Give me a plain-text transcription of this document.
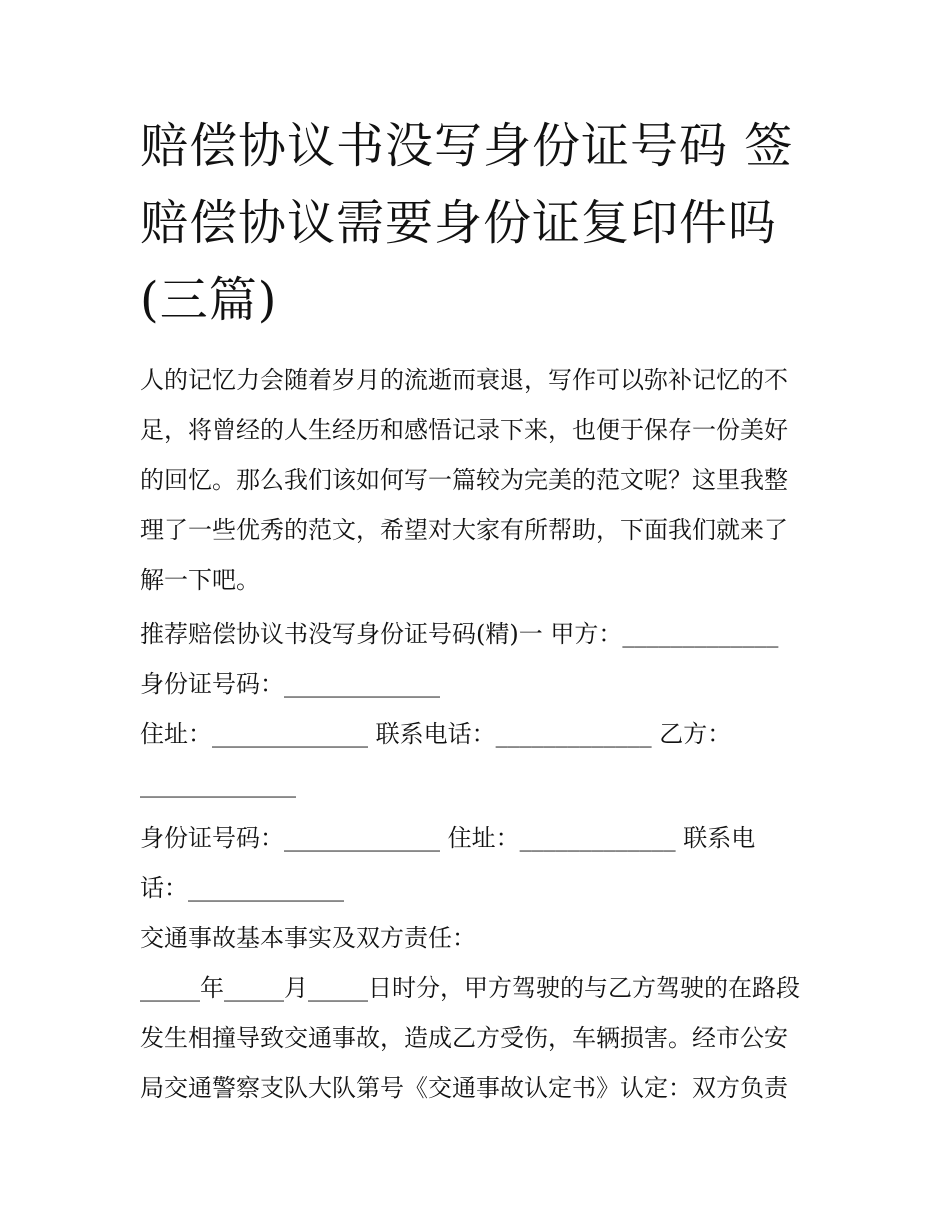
赔偿协议书没写身份证号码 签
赔偿协议需要身份证复印件吗
(三篇)
人的记忆力会随着岁月的流逝而衰退，写作可以弥补记忆的不
足，将曾经的人生经历和感悟记录下来，也便于保存一份美好
的回忆。那么我们该如何写一篇较为完美的范文呢？这里我整
理了一些优秀的范文，希望对大家有所帮助，下面我们就来了
解一下吧。
推荐赔偿协议书没写身份证号码(精)一 甲方：_____________
身份证号码：_____________
住址：_____________ 联系电话：_____________ 乙方：
_____________
身份证号码：_____________ 住址：_____________ 联系电
话：_____________
交通事故基本事实及双方责任：
_____年_____月_____日时分，甲方驾驶的与乙方驾驶的在路段
发生相撞导致交通事故，造成乙方受伤，车辆损害。经市公安
局交通警察支队大队第号《交通事故认定书》认定：双方负责
